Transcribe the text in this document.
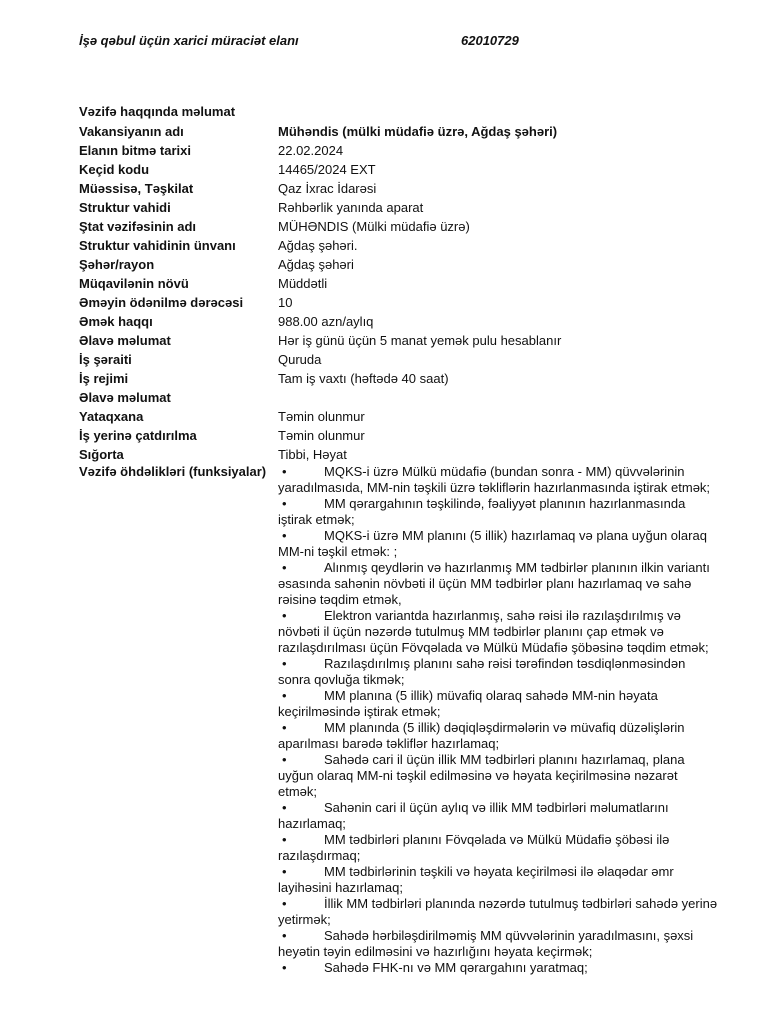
İşə qəbul üçün xarici müraciət elanı	62010729
Vəzifə haqqında məlumat
Vakansiyanın adı	Mühəndis (mülki müdafiə üzrə, Ağdaş şəhəri)
Elanın bitmə tarixi	22.02.2024
Keçid kodu	14465/2024 EXT
Müəssisə, Təşkilat	Qaz İxrac İdarəsi
Struktur vahidi	Rəhbərlik yanında aparat
Ştat vəzifəsinin adı	MÜHƏNDIS (Mülki müdafiə üzrə)
Struktur vahidinin ünvanı	Ağdaş şəhəri.
Şəhər/rayon	Ağdaş şəhəri
Müqavilənin növü	Müddətli
Əməyin ödənilmə dərəcəsi	10
Əmək haqqı	988.00 azn/aylıq
Əlavə məlumat	Hər iş günü üçün 5 manat yemək pulu hesablanır
İş şəraiti	Quruda
İş rejimi	Tam iş vaxtı (həftədə 40 saat)
Əlavə məlumat
Yataqxana	Təmin olunmur
İş yerinə çatdırılma	Təmin olunmur
Sığorta	Tibbi, Həyat
Vəzifə öhdəlikləri (funksiyalar) •	MQKS-i üzrə Mülkü müdafiə (bundan sonra - MM) qüvvələrinin yaradılmasıda, MM-nin təşkili üzrə təkliflərin hazırlanmasında iştirak etmək;
•	MM qərargahının təşkilində, fəaliyyət planının hazırlanmasında iştirak etmək;
•	MQKS-i üzrə MM planını (5 illik) hazırlamaq və plana uyğun olaraq MM-ni təşkil etmək: ;
•	Alınmış qeydlərin və hazırlanmış MM tədbirlər planının ilkin variantı əsasında sahənin növbəti il üçün MM tədbirlər planı hazırlamaq və sahə rəisinə təqdim etmək,
•	Elektron variantda hazırlanmış, sahə rəisi ilə razılaşdırılmış və növbəti il üçün nəzərdə tutulmuş MM tədbirlər planını çap etmək və razılaşdırılması üçün Fövqəlada və Mülkü Müdafiə şöbəsinə təqdim etmək;
•	Razılaşdırılmış planını sahə rəisi tərəfindən təsdiqlənməsindən sonra qovluğa tikmək;
•	MM planına (5 illik) müvafiq olaraq sahədə MM-nin həyata keçirilməsində iştirak etmək;
•	MM planında (5 illik) dəqiqləşdirmələrin və müvafiq düzəlişlərin aparılması barədə təkliflər hazırlamaq;
•	Sahədə cari il üçün illik MM tədbirləri planını hazırlamaq, plana uyğun olaraq MM-ni təşkil edilməsinə və həyata keçirilməsinə nəzarət etmək;
•	Sahənin cari il üçün aylıq və illik MM tədbirləri məlumatlarını hazırlamaq;
•	MM tədbirləri planını Fövqəlada və Mülkü Müdafiə şöbəsi ilə razılaşdırmaq;
•	MM tədbirlərinin təşkili və həyata keçirilməsi ilə əlaqədar əmr layihəsini hazırlamaq;
•	İllik MM tədbirləri planında nəzərdə tutulmuş tədbirləri sahədə yerinə yetirmək;
•	Sahədə hərbiləşdirilməmiş MM qüvvələrinin yaradılmasını, şəxsi heyətin təyin edilməsini və hazırlığını həyata keçirmək;
•	Sahədə FHK-nı və MM qərargahını yaratmaq;
